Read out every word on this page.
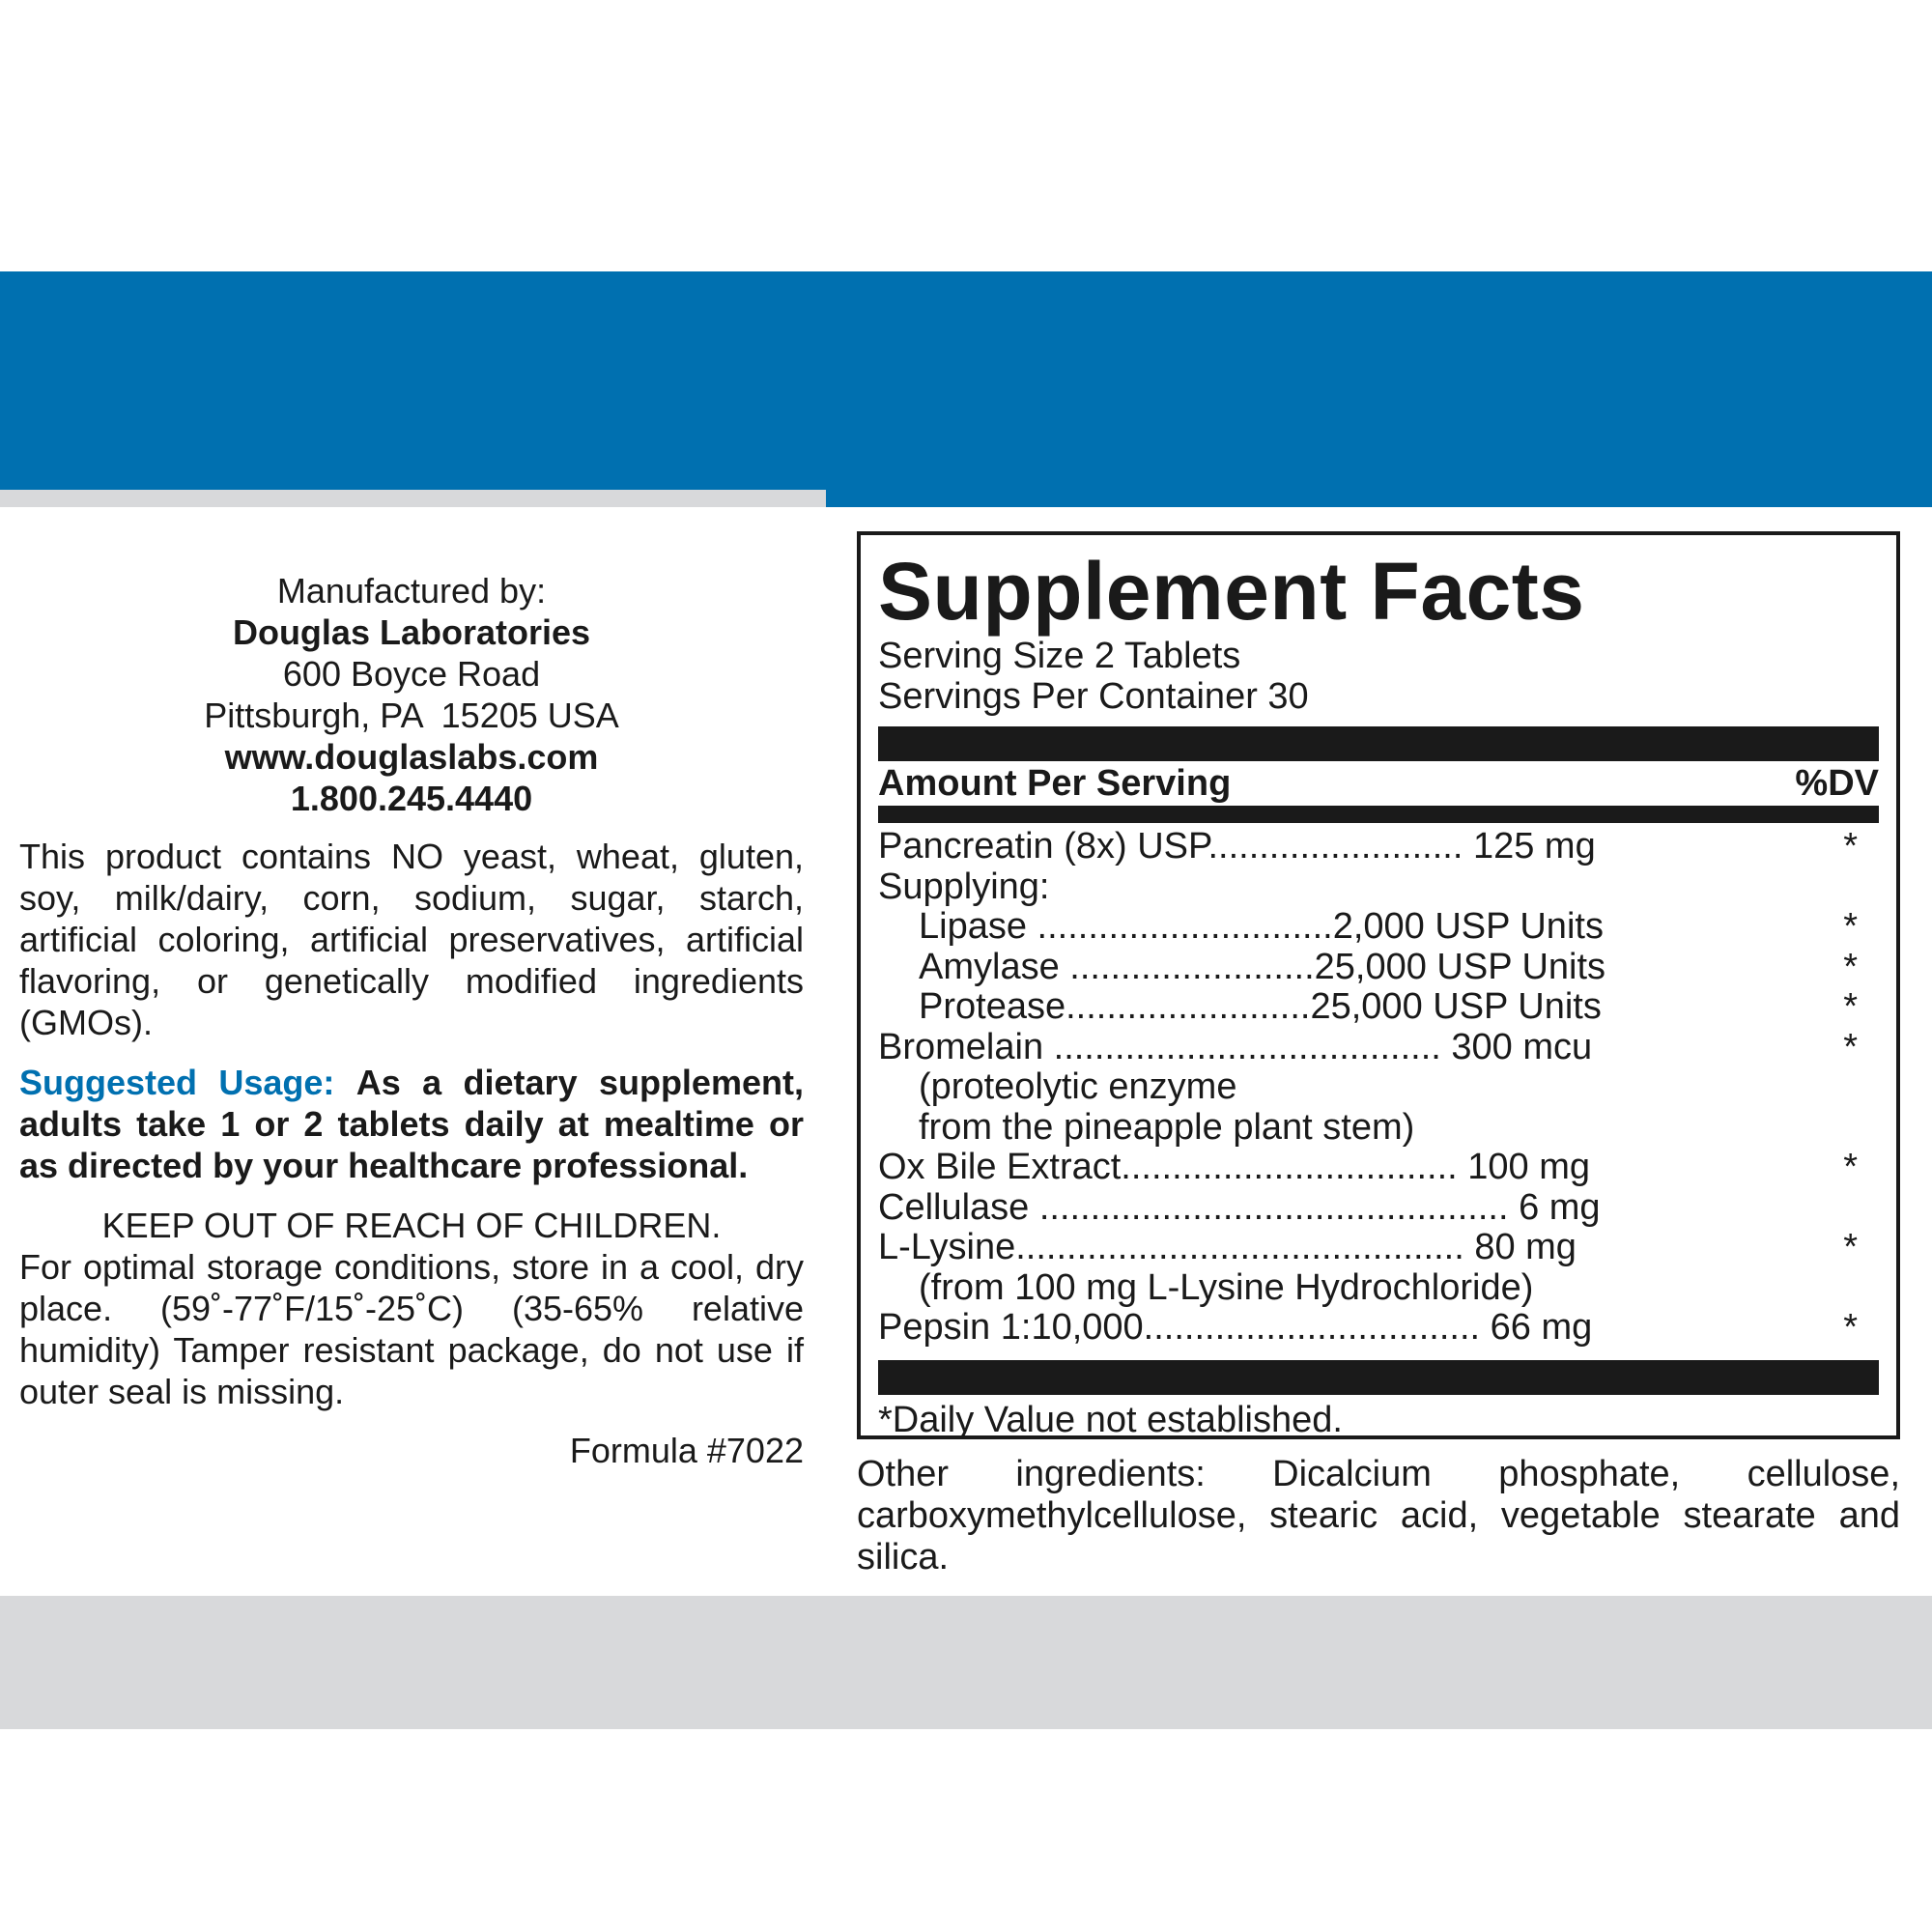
Manufactured by:
Douglas Laboratories
600 Boyce Road
Pittsburgh, PA  15205 USA
www.douglaslabs.com
1.800.245.4440
This product contains NO yeast, wheat, gluten, soy, milk/dairy, corn, sodium, sugar, starch, artificial coloring, artificial preservatives, artificial flavoring, or genetically modified ingredients (GMOs).
Suggested Usage: As a dietary supplement, adults take 1 or 2 tablets daily at mealtime or as directed by your healthcare professional.
KEEP OUT OF REACH OF CHILDREN.
For optimal storage conditions, store in a cool, dry place. (59˚-77˚F/15˚-25˚C) (35-65% relative humidity) Tamper resistant package, do not use if outer seal is missing.
Formula #7022
Supplement Facts
Serving Size 2 Tablets
Servings Per Container 30
Amount Per Serving	%DV
Pancreatin (8x) USP......................... 125 mg	*
Supplying:
Lipase .............................2,000 USP Units	*
Amylase ........................25,000 USP Units	*
Protease........................25,000 USP Units	*
Bromelain ...................................... 300 mcu	*
(proteolytic enzyme
from the pineapple plant stem)
Ox Bile Extract................................. 100 mg	*
Cellulase .............................................. 6 mg
L-Lysine............................................ 80 mg	*
(from 100 mg L-Lysine Hydrochloride)
Pepsin 1:10,000................................. 66 mg	*
*Daily Value not established.
Other ingredients: Dicalcium phosphate, cellulose, carboxymethylcellulose, stearic acid, vegetable stearate and silica.
